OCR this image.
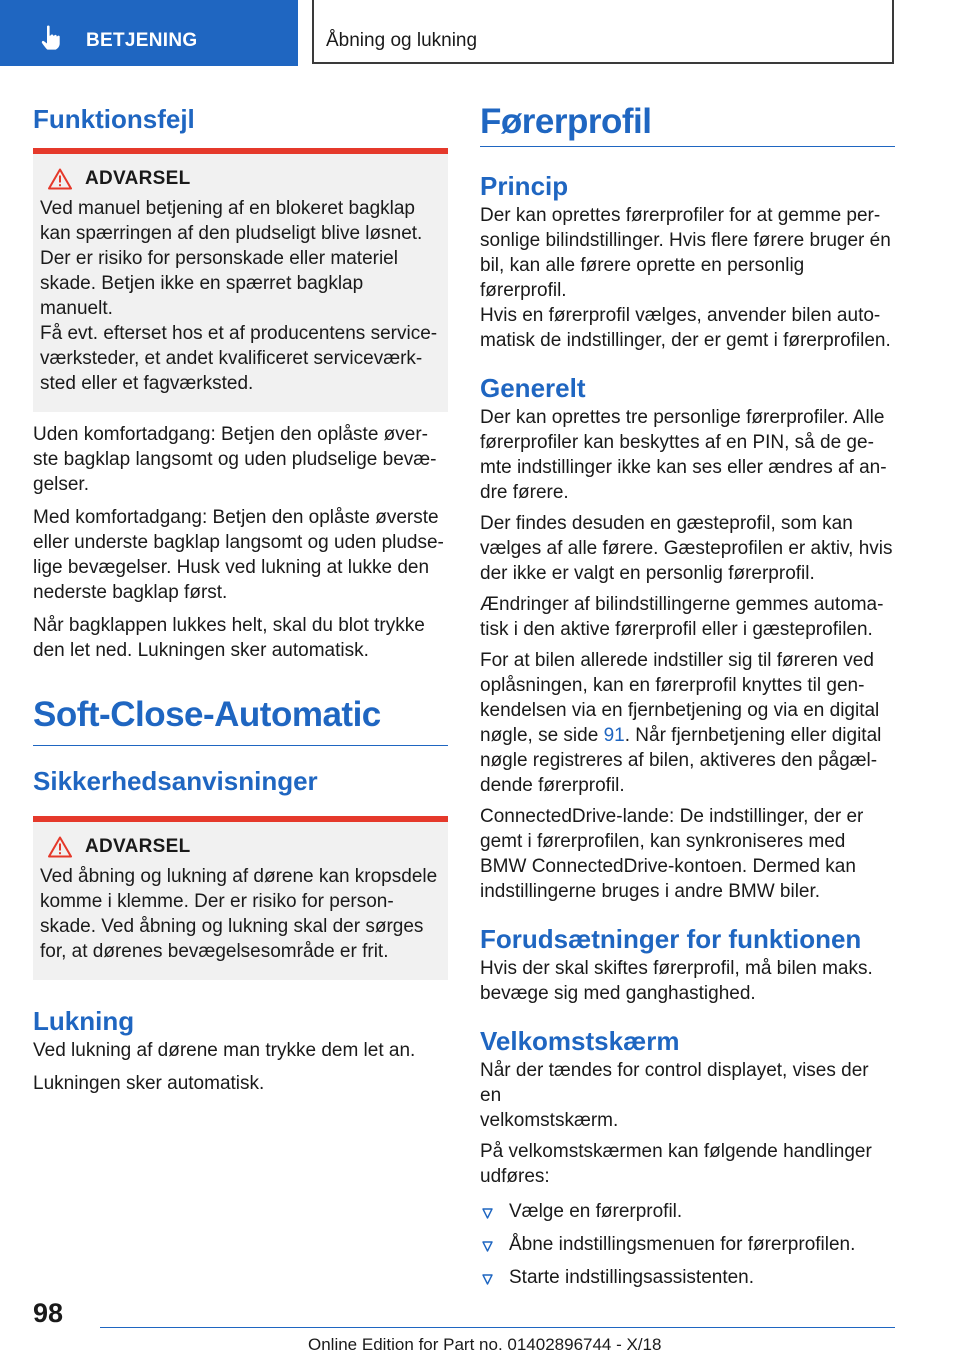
BETJENING	Åbning og lukning
Funktionsfejl
ADVARSEL

Ved manuel betjening af en blokeret bagklap

kan spærringen af den pludseligt blive løsnet.

Der er risiko for personskade eller materiel

skade. Betjen ikke en spærret bagklap manuelt.

Få evt. efterset hos et af producentens service‐

værksteder, et andet kvalificeret serviceværk‐

sted eller et fagværksted.

Uden komfortadgang: Betjen den oplåste øver‐

ste bagklap langsomt og uden pludselige bevæ‐

gelser.

Med komfortadgang: Betjen den oplåste øverste

eller underste bagklap langsomt og uden pludse‐

lige bevægelser. Husk ved lukning at lukke den

nederste bagklap først.

Når bagklappen lukkes helt, skal du blot trykke

den let ned. Lukningen sker automatisk.

Soft-Close-Automatic
Sikkerhedsanvisninger
ADVARSEL

Ved åbning og lukning af dørene kan kropsdele

komme i klemme. Der er risiko for person‐

skade. Ved åbning og lukning skal der sørges

for, at dørenes bevægelsesområde er frit.

Lukning

Ved lukning af dørene man trykke dem let an.

Lukningen sker automatisk.

Førerprofil
Princip

Der kan oprettes førerprofiler for at gemme per‐

sonlige bilindstillinger. Hvis flere førere bruger én

bil, kan alle førere oprette en personlig førerprofil.

Hvis en førerprofil vælges, anvender bilen auto‐

matisk de indstillinger, der er gemt i førerprofilen.

Generelt

Der kan oprettes tre personlige førerprofiler. Alle

førerprofiler kan beskyttes af en PIN, så de ge‐

mte indstillinger ikke kan ses eller ændres af an‐

dre førere.

Der findes desuden en gæsteprofil, som kan

vælges af alle førere. Gæsteprofilen er aktiv, hvis

der ikke er valgt en personlig førerprofil.

Ændringer af bilindstillingerne gemmes automa‐

tisk i den aktive førerprofil eller i gæsteprofilen.

For at bilen allerede indstiller sig til føreren ved

oplåsningen, kan en førerprofil knyttes til gen‐

kendelsen via en fjernbetjening og via en digital

nøgle, se side 91. Når fjernbetjening eller digital

nøgle registreres af bilen, aktiveres den pågæl‐

dende førerprofil.

ConnectedDrive-lande: De indstillinger, der er

gemt i førerprofilen, kan synkroniseres med

BMW ConnectedDrive-kontoen. Dermed kan

indstillingerne bruges i andre BMW biler.

Forudsætninger for funktionen

Hvis der skal skiftes førerprofil, må bilen maks.

bevæge sig med ganghastighed.

Velkomstskærm

Når der tændes for control displayet, vises der en

velkomstskærm.

På velkomstskærmen kan følgende handlinger

udføres:

Vælge en førerprofil.
Åbne indstillingsmenuen for førerprofilen.
Starte indstillingsassistenten.
98
Online Edition for Part no. 01402896744 - X/18
